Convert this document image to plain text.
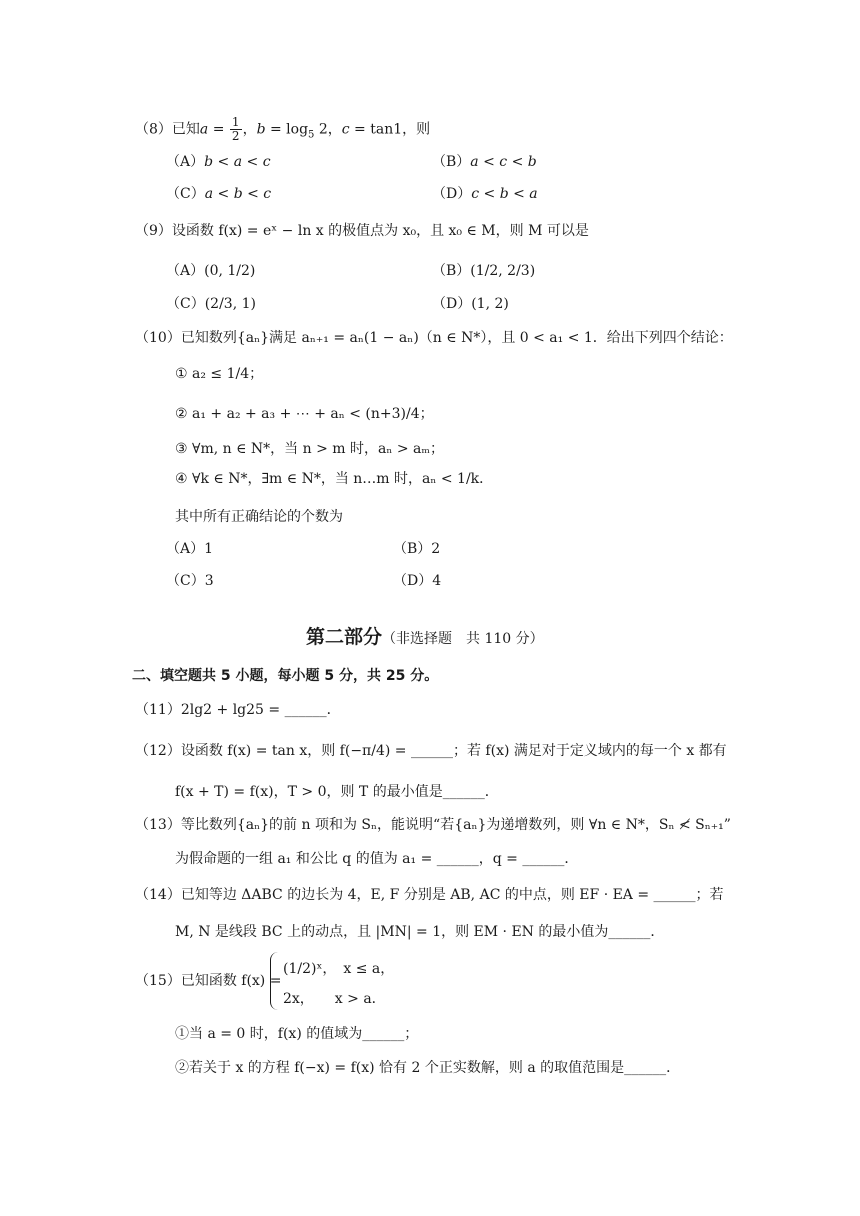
（8）已知$a = \frac{1}{2}$ ，$b = \log_5 2$，c = tan1，则
（A）b < a < c	（B）a < c < b
（C）a < b < c	（D）c < b < a
（9）设函数 f(x) = eˣ − ln x 的极值点为 x₀，且 x₀ ∈ M，则 M 可以是
（A）(0, 1/2)	（B）(1/2, 2/3)
（C）(2/3, 1)	（D）(1, 2)
（10）已知数列{aₙ}满足 aₙ₊₁ = aₙ(1 − aₙ)（n ∈ N*），且 0 < a₁ < 1．给出下列四个结论：
① a₂ ≤ 1/4；
② a₁ + a₂ + a₃ + ⋯ + aₙ < (n+3)/4；
③ ∀m, n ∈ N*，当 n > m 时，aₙ > aₘ；
④ ∀k ∈ N*，∃m ∈ N*，当 n…m 时，aₙ < 1/k．
其中所有正确结论的个数为
（A）1	（B）2
（C）3	（D）4
第二部分（非选择题　共 110 分）
二、填空题共 5 小题，每小题 5 分，共 25 分。
（11）2lg2 + lg25 = ______．
（12）设函数 f(x) = tan x，则 f(−π/4) = ______；若 f(x) 满足对于定义域内的每一个 x 都有
f(x + T) = f(x)，T > 0，则 T 的最小值是______．
（13）等比数列{aₙ}的前 n 项和为 Sₙ，能说明“若{aₙ}为递增数列，则 ∀n ∈ N*，Sₙ ≮ Sₙ₊₁”
为假命题的一组 a₁ 和公比 q 的值为 a₁ = ______，q = ______．
（14）已知等边 ΔABC 的边长为 4，E, F 分别是 AB, AC 的中点，则 EF · EA = ______；若
M, N 是线段 BC 上的动点，且 |MN| = 1，则 EM · EN 的最小值为______．
（15）已知函数 f(x) =
(1/2)ˣ，　x ≤ a，
2x，　　x > a．
①当 a = 0 时，f(x) 的值域为______；
②若关于 x 的方程 f(−x) = f(x) 恰有 2 个正实数解，则 a 的取值范围是______．
